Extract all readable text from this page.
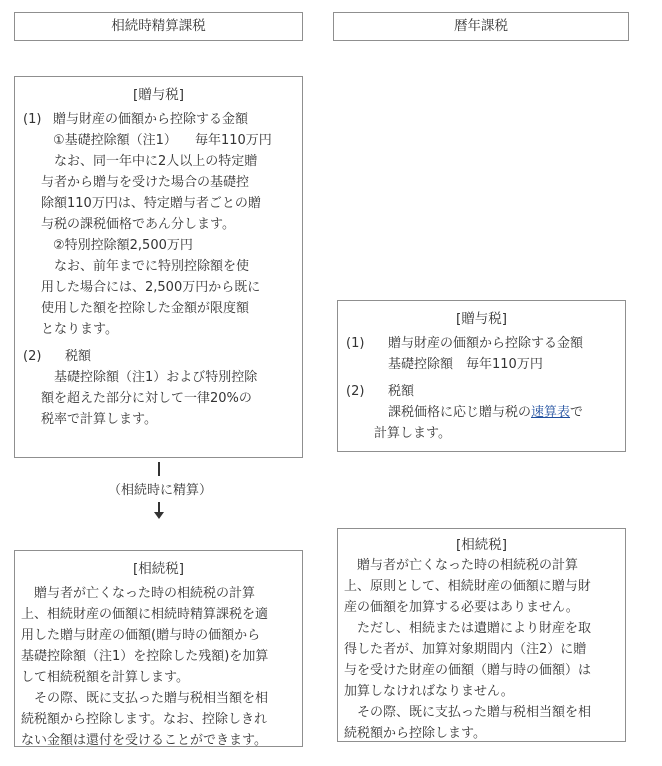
相続時精算課税	暦年課税
[贈与税]
(1) 贈与財産の価額から控除する金額
①基礎控除額（注1） 毎年110万円

　なお、同一年中に2人以上の特定贈

与者から贈与を受けた場合の基礎控

除額110万円は、特定贈与者ごとの贈

与税の課税価格であん分します。

②特別控除額2,500万円

　なお、前年までに特別控除額を使

用した場合には、2,500万円から既に

使用した額を控除した金額が限度額

となります。

(2)	税額

　基礎控除額（注1）および特別控除

額を超えた部分に対して一律20%の

税率で計算します。

（相続時に精算）
[相続税]

　贈与者が亡くなった時の相続税の計算

上、相続財産の価額に相続時精算課税を適

用した贈与財産の価額(贈与時の価額から

基礎控除額（注1）を控除した残額)を加算

して相続税額を計算します。

　その際、既に支払った贈与税相当額を相

続税額から控除します。なお、控除しきれ

ない金額は還付を受けることができます。

[贈与税]
(1)	贈与財産の価額から控除する金額

基礎控除額　毎年110万円

(2)	税額

課税価格に応じ贈与税の速算表で

計算します。

[相続税]

　贈与者が亡くなった時の相続税の計算

上、原則として、相続財産の価額に贈与財

産の価額を加算する必要はありません。

　ただし、相続または遺贈により財産を取

得した者が、加算対象期間内（注2）に贈

与を受けた財産の価額（贈与時の価額）は

加算しなければなりません。

　その際、既に支払った贈与税相当額を相

続税額から控除します。
